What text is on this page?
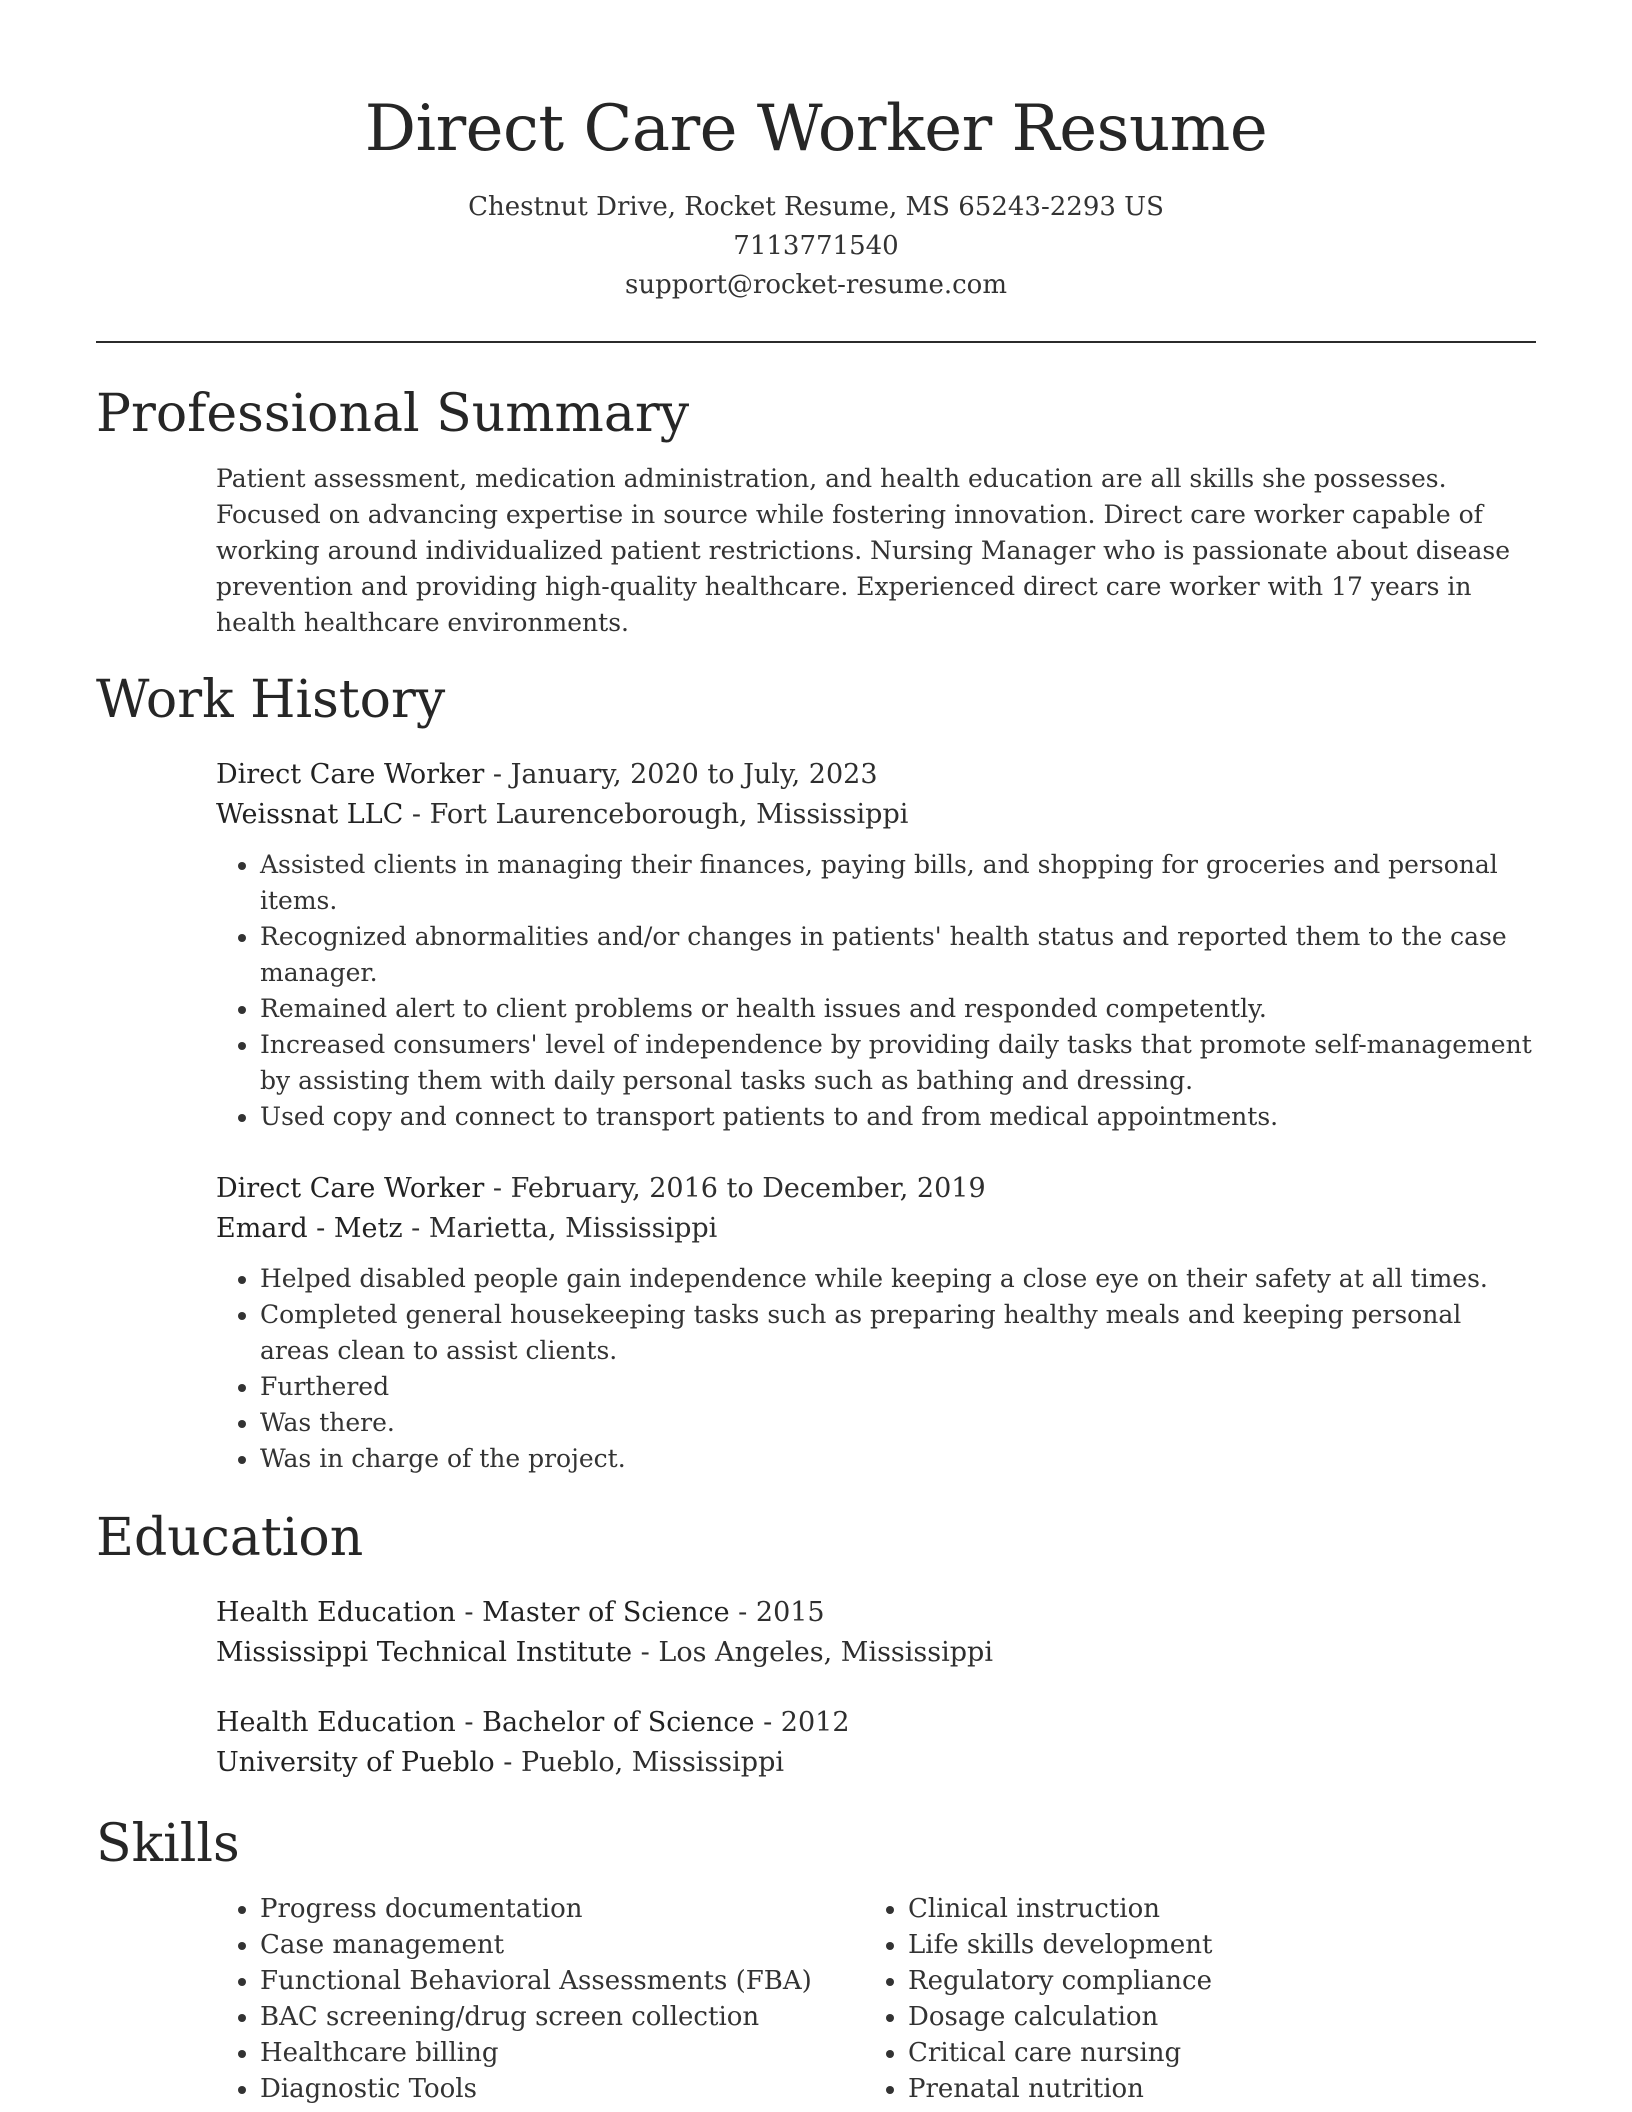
Direct Care Worker Resume
Chestnut Drive, Rocket Resume, MS 65243-2293 US
7113771540
support@rocket-resume.com
Professional Summary

Patient assessment, medication administration, and health education are all skills she possesses. Focused on advancing expertise in source while fostering innovation. Direct care worker capable of working around individualized patient restrictions. Nursing Manager who is passionate about disease prevention and providing high-quality healthcare. Experienced direct care worker with 17 years in health healthcare environments.

Work History
Direct Care Worker - January, 2020 to July, 2023
Weissnat LLC - Fort Laurenceborough, Mississippi
• Assisted clients in managing their finances, paying bills, and shopping for groceries and personal items.
• Recognized abnormalities and/or changes in patients' health status and reported them to the case manager.
• Remained alert to client problems or health issues and responded competently.
• Increased consumers' level of independence by providing daily tasks that promote self-management by assisting them with daily personal tasks such as bathing and dressing.
• Used copy and connect to transport patients to and from medical appointments.
Direct Care Worker - February, 2016 to December, 2019
Emard - Metz - Marietta, Mississippi
• Helped disabled people gain independence while keeping a close eye on their safety at all times.
• Completed general housekeeping tasks such as preparing healthy meals and keeping personal areas clean to assist clients.
• Furthered
• Was there.
• Was in charge of the project.
Education
Health Education - Master of Science - 2015
Mississippi Technical Institute - Los Angeles, Mississippi
Health Education - Bachelor of Science - 2012
University of Pueblo - Pueblo, Mississippi
Skills
• Progress documentation
• Case management
• Functional Behavioral Assessments (FBA)
• BAC screening/drug screen collection
• Healthcare billing
• Diagnostic Tools
• Clinical instruction
• Life skills development
• Regulatory compliance
• Dosage calculation
• Critical care nursing
• Prenatal nutrition
